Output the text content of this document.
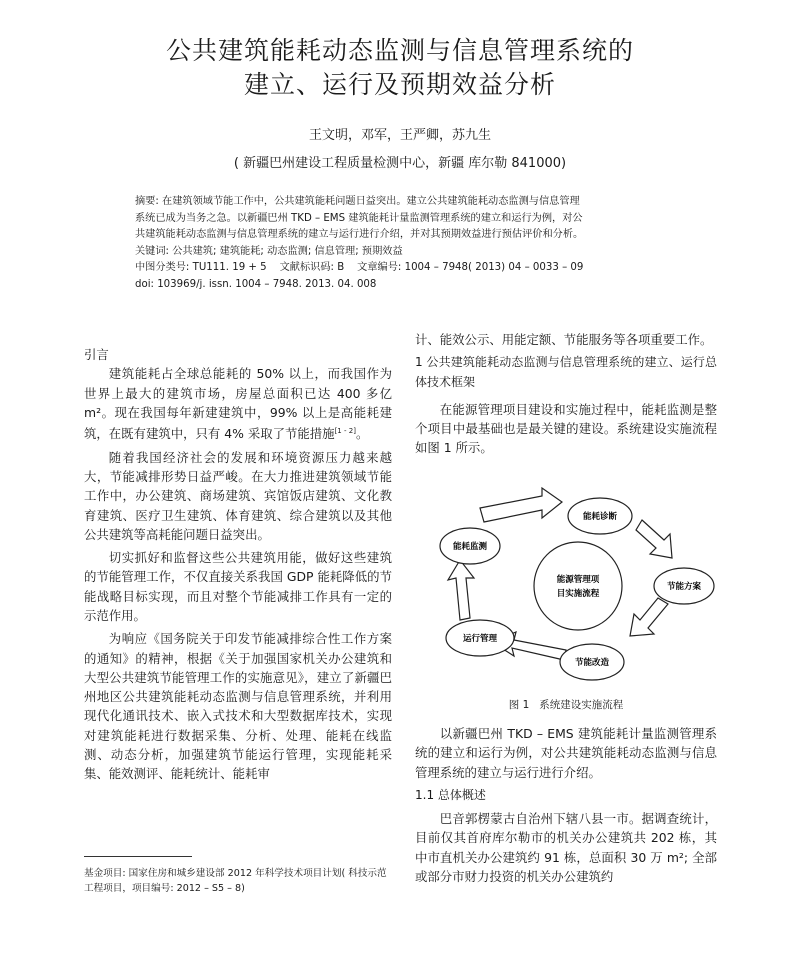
公共建筑能耗动态监测与信息管理系统的
建立、运行及预期效益分析
王文明，邓军，王严卿，苏九生
( 新疆巴州建设工程质量检测中心，新疆 库尔勒 841000)

摘要: 在建筑领域节能工作中，公共建筑能耗问题日益突出。建立公共建筑能耗动态监测与信息管理

系统已成为当务之急。以新疆巴州 TKD – EMS 建筑能耗计量监测管理系统的建立和运行为例，对公

共建筑能耗动态监测与信息管理系统的建立与运行进行介绍，并对其预期效益进行预估评价和分析。

关键词: 公共建筑; 建筑能耗; 动态监测; 信息管理; 预期效益

中图分类号: TU111. 19 + 5    文献标识码: B    文章编号: 1004 – 7948( 2013) 04 – 0033 – 09

doi: 103969/j. issn. 1004 – 7948. 2013. 04. 008

引言

建筑能耗占全球总能耗的 50% 以上，而我国作为世界上最大的建筑市场，房屋总面积已达 400 多亿 m²。现在我国每年新建建筑中，99% 以上是高能耗建筑，在既有建筑中，只有 4% 采取了节能措施[1 - 2]。

随着我国经济社会的发展和环境资源压力越来越大，节能减排形势日益严峻。在大力推进建筑领域节能工作中，办公建筑、商场建筑、宾馆饭店建筑、文化教育建筑、医疗卫生建筑、体育建筑、综合建筑以及其他公共建筑等高耗能问题日益突出。

切实抓好和监督这些公共建筑用能，做好这些建筑的节能管理工作，不仅直接关系我国 GDP 能耗降低的节能战略目标实现，而且对整个节能减排工作具有一定的示范作用。

为响应《国务院关于印发节能减排综合性工作方案的通知》的精神，根据《关于加强国家机关办公建筑和大型公共建筑节能管理工作的实施意见》，建立了新疆巴州地区公共建筑能耗动态监测与信息管理系统，并利用现代化通讯技术、嵌入式技术和大型数据库技术，实现对建筑能耗进行数据采集、分析、处理、能耗在线监测、动态分析，加强建筑节能运行管理，实现能耗采集、能效测评、能耗统计、能耗审

计、能效公示、用能定额、节能服务等各项重要工作。

1 公共建筑能耗动态监测与信息管理系统的建立、运行总体技术框架

在能源管理项目建设和实施过程中，能耗监测是整个项目中最基础也是最关键的建设。系统建设实施流程如图 1 所示。

能源管理项
目实施流程
能耗诊断
节能方案
节能改造
运行管理
能耗监测
图 1   系统建设实施流程

以新疆巴州 TKD – EMS 建筑能耗计量监测管理系统的建立和运行为例，对公共建筑能耗动态监测与信息管理系统的建立与运行进行介绍。

1.1 总体概述

巴音郭楞蒙古自治州下辖八县一市。据调查统计，目前仅其首府库尔勒市的机关办公建筑共 202 栋，其中市直机关办公建筑约 91 栋，总面积 30 万 m²; 全部或部分市财力投资的机关办公建筑约

基金项目: 国家住房和城乡建设部 2012 年科学技术项目计划( 科技示范工程项目，项目编号: 2012 – S5 – 8)
